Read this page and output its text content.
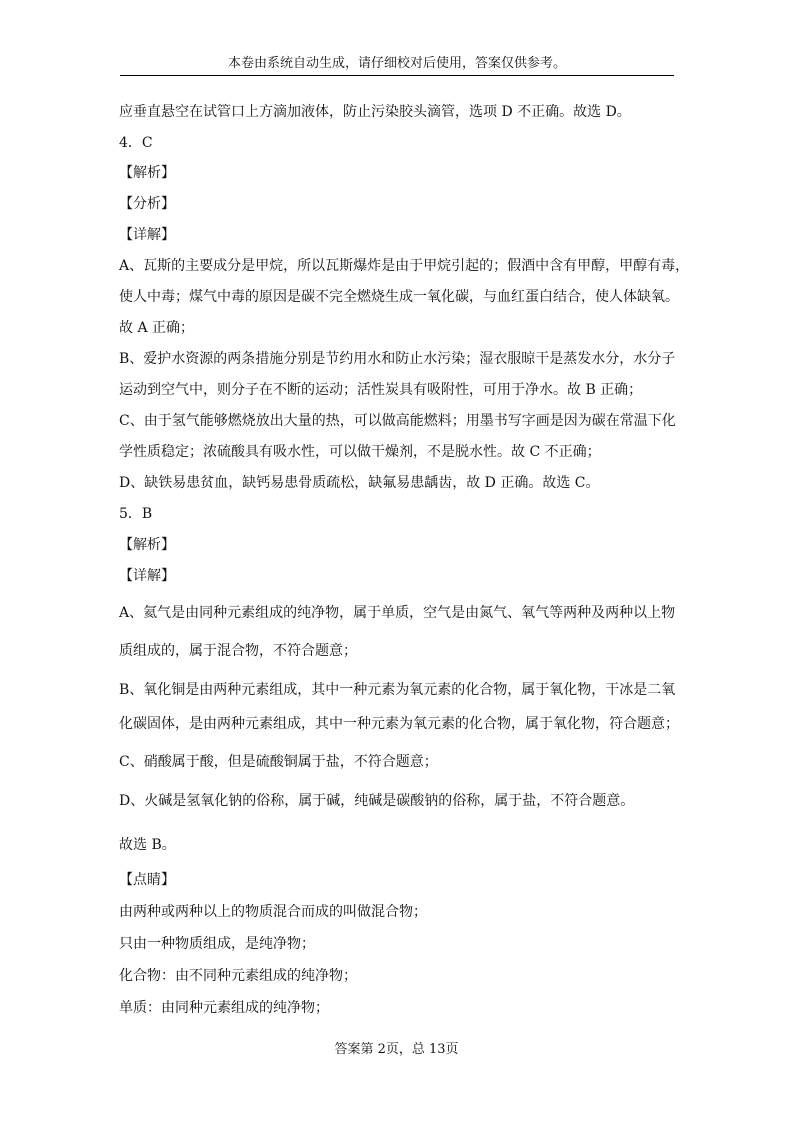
本卷由系统自动生成，请仔细校对后使用，答案仅供参考。
应垂直悬空在试管口上方滴加液体，防止污染胶头滴管，选项 D 不正确。故选 D。
4．C
【解析】
【分析】
【详解】
A、瓦斯的主要成分是甲烷，所以瓦斯爆炸是由于甲烷引起的；假酒中含有甲醇，甲醇有毒，
使人中毒；煤气中毒的原因是碳不完全燃烧生成一氧化碳，与血红蛋白结合，使人体缺氧。
故 A 正确；
B、爱护水资源的两条措施分别是节约用水和防止水污染；湿衣服晾干是蒸发水分，水分子
运动到空气中，则分子在不断的运动；活性炭具有吸附性，可用于净水。故 B 正确；
C、由于氢气能够燃烧放出大量的热，可以做高能燃料；用墨书写字画是因为碳在常温下化
学性质稳定；浓硫酸具有吸水性，可以做干燥剂，不是脱水性。故 C 不正确；
D、缺铁易患贫血，缺钙易患骨质疏松，缺氟易患龋齿，故 D 正确。故选 C。
5．B
【解析】
【详解】
A、氦气是由同种元素组成的纯净物，属于单质，空气是由氮气、氧气等两种及两种以上物
质组成的，属于混合物，不符合题意；
B、氧化铜是由两种元素组成，其中一种元素为氧元素的化合物，属于氧化物，干冰是二氧
化碳固体，是由两种元素组成，其中一种元素为氧元素的化合物，属于氧化物，符合题意；
C、硝酸属于酸，但是硫酸铜属于盐，不符合题意；
D、火碱是氢氧化钠的俗称，属于碱，纯碱是碳酸钠的俗称，属于盐，不符合题意。
故选 B。
【点睛】
由两种或两种以上的物质混合而成的叫做混合物；
只由一种物质组成，是纯净物；
化合物：由不同种元素组成的纯净物；
单质：由同种元素组成的纯净物；
答案第 2页，总 13页
